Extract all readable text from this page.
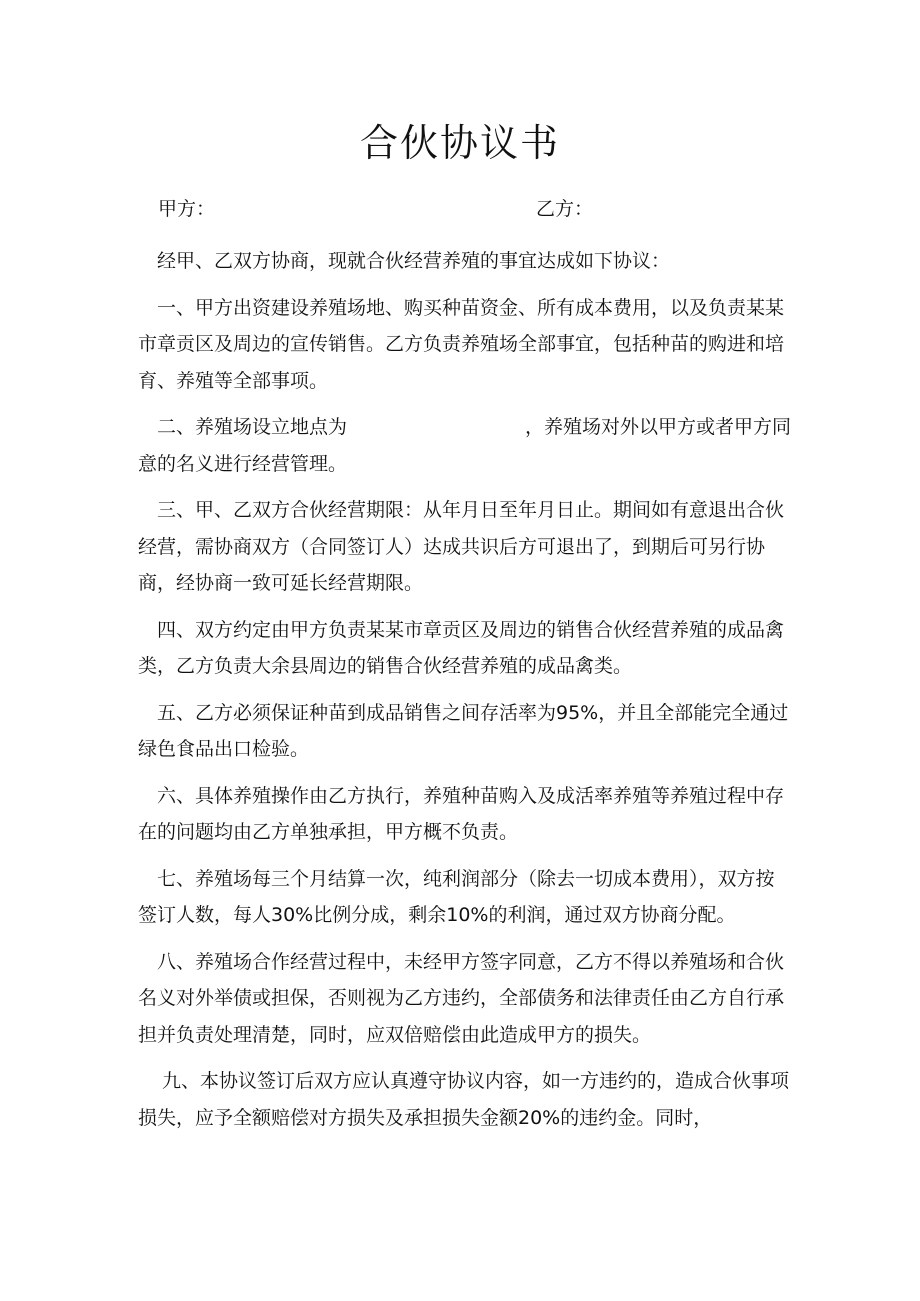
合伙协议书
甲方：	乙方：

经甲、乙双方协商，现就合伙经营养殖的事宜达成如下协议：

一、甲方出资建设养殖场地、购买种苗资金、所有成本费用，以及负责某某市章贡区及周边的宣传销售。乙方负责养殖场全部事宜，包括种苗的购进和培育、养殖等全部事项。

二、养殖场设立地点为	，养殖场对外以甲方或者甲方同意的名义进行经营管理。

三、甲、乙双方合伙经营期限：从年月日至年月日止。期间如有意退出合伙经营，需协商双方（合同签订人）达成共识后方可退出了，到期后可另行协商，经协商一致可延长经营期限。

四、双方约定由甲方负责某某市章贡区及周边的销售合伙经营养殖的成品禽类，乙方负责大余县周边的销售合伙经营养殖的成品禽类。

五、乙方必须保证种苗到成品销售之间存活率为95%，并且全部能完全通过绿色食品出口检验。

六、具体养殖操作由乙方执行，养殖种苗购入及成活率养殖等养殖过程中存在的问题均由乙方单独承担，甲方概不负责。

七、养殖场每三个月结算一次，纯利润部分（除去一切成本费用），双方按签订人数，每人30%比例分成，剩余10%的利润，通过双方协商分配。

八、养殖场合作经营过程中，未经甲方签字同意，乙方不得以养殖场和合伙名义对外举债或担保，否则视为乙方违约，全部债务和法律责任由乙方自行承担并负责处理清楚，同时，应双倍赔偿由此造成甲方的损失。

九、本协议签订后双方应认真遵守协议内容，如一方违约的，造成合伙事项损失，应予全额赔偿对方损失及承担损失金额20%的违约金。同时，
